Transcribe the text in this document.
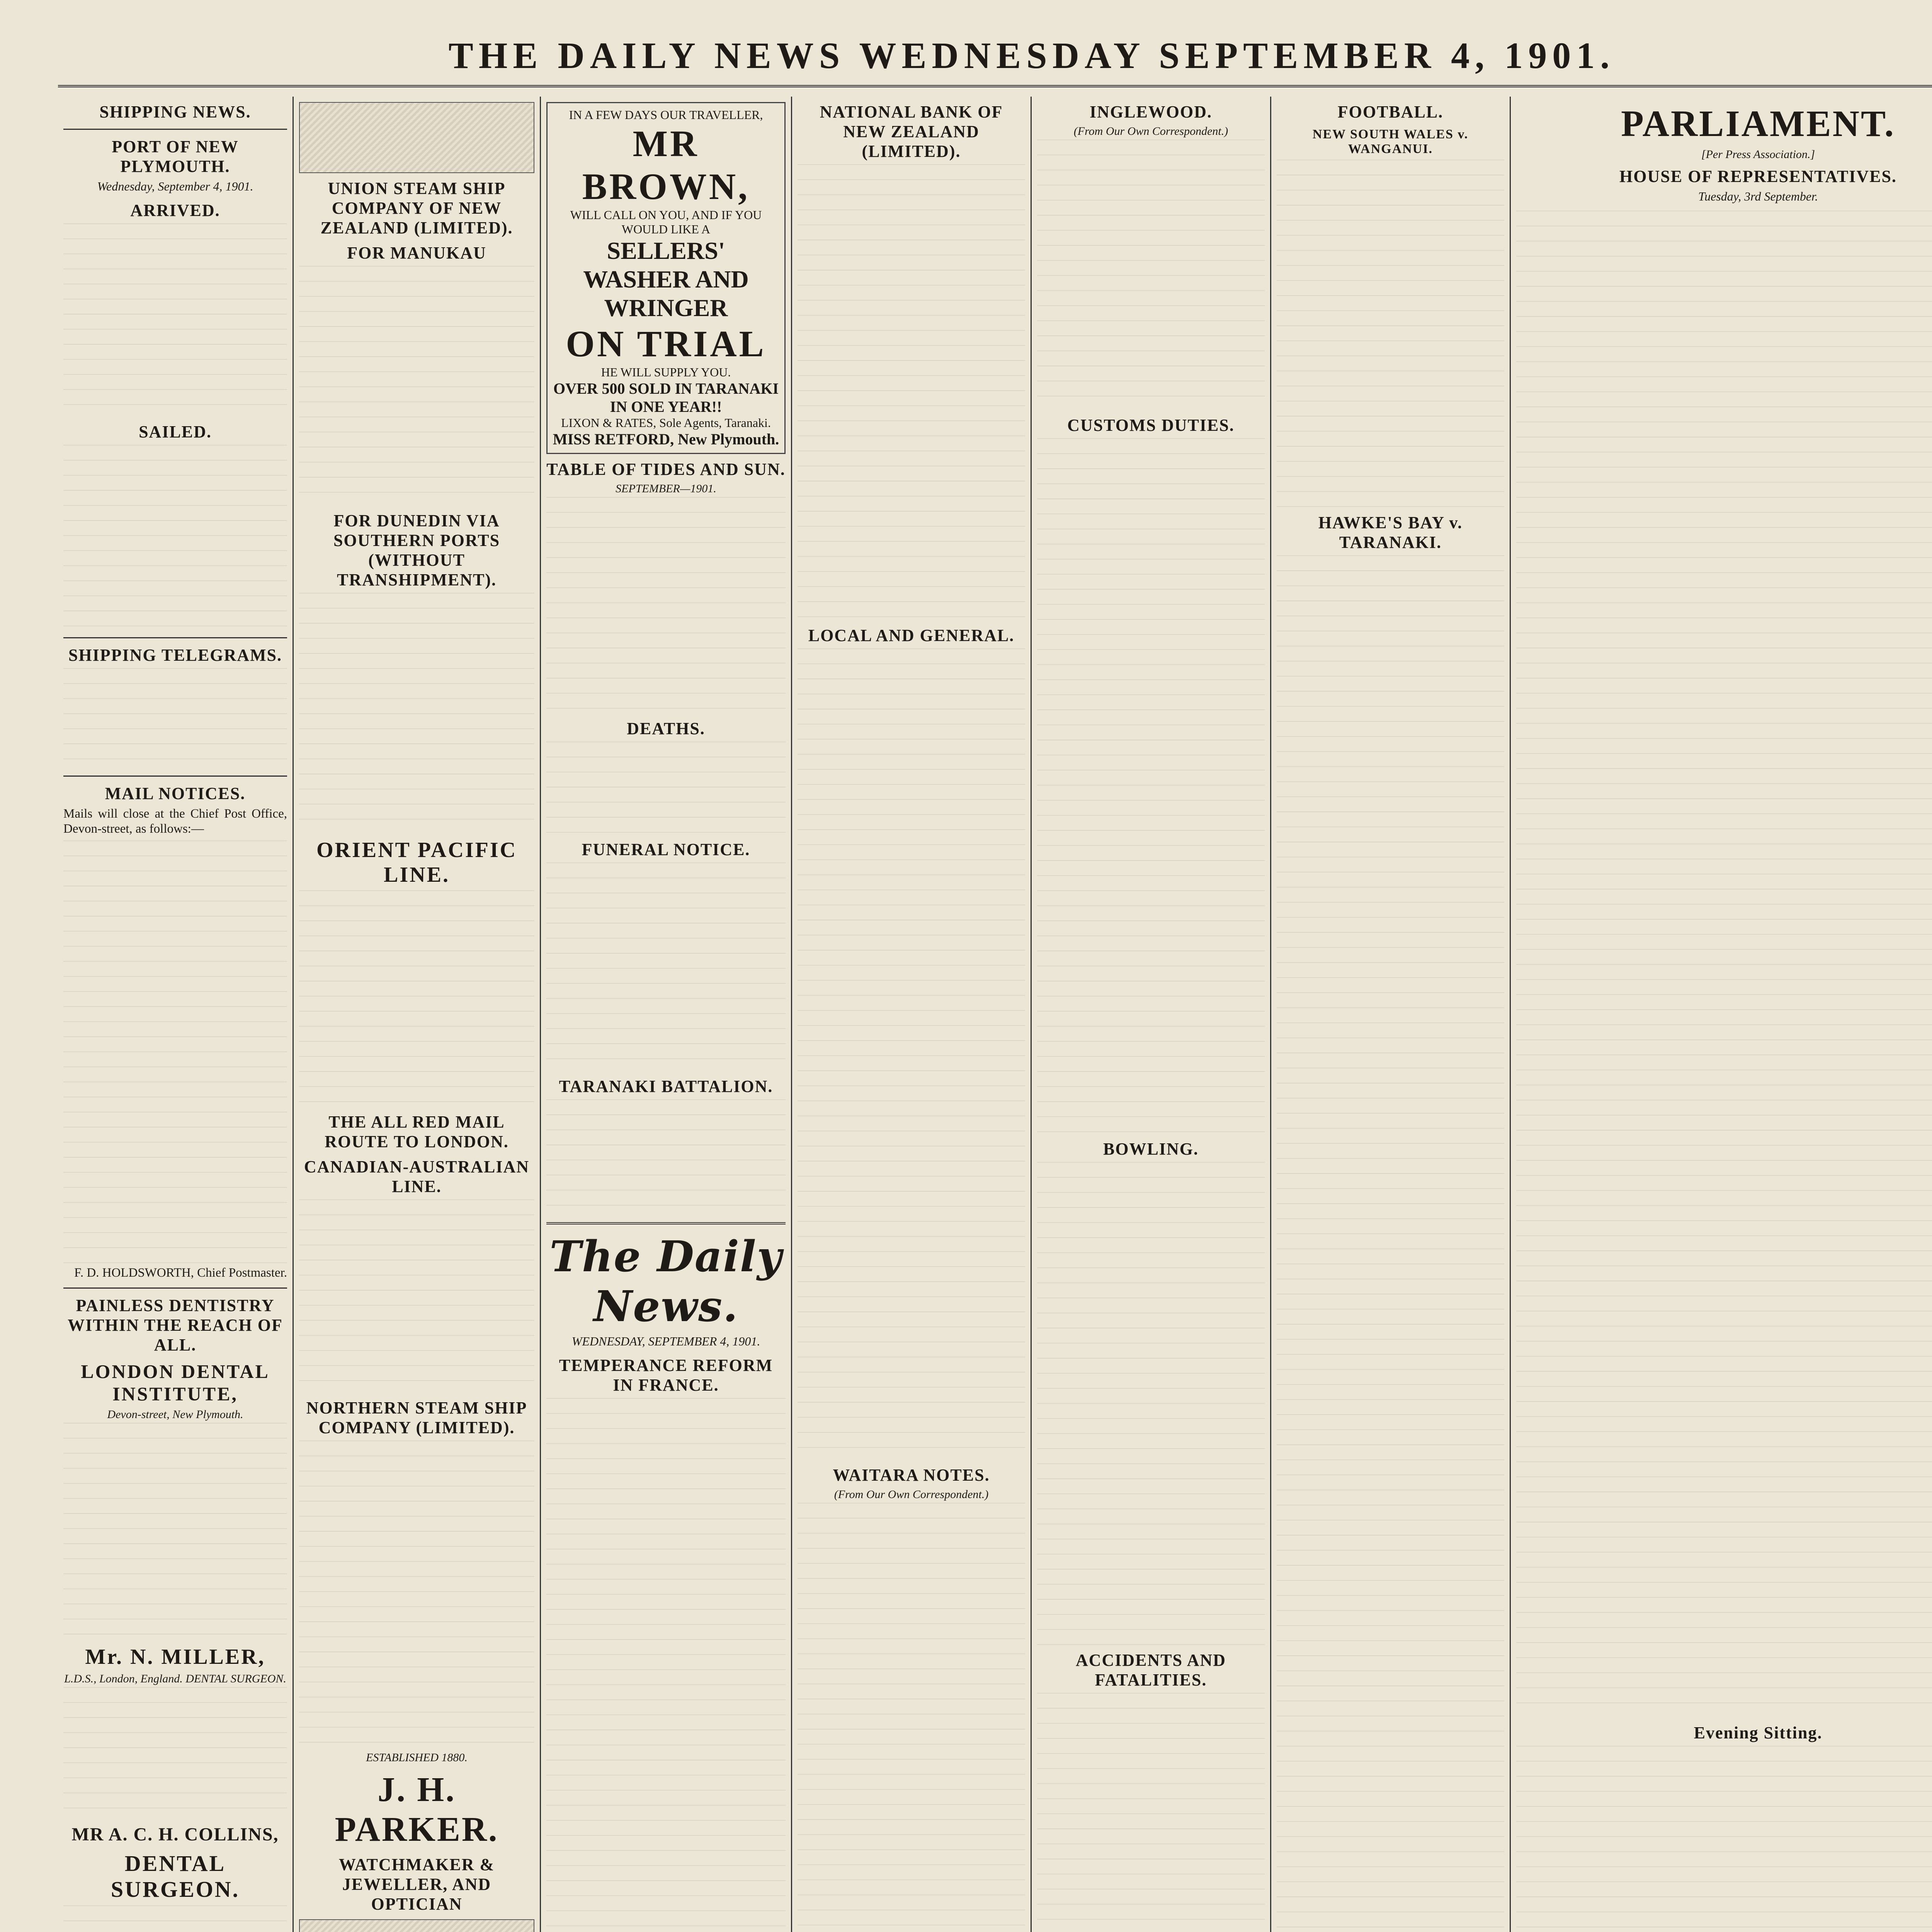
THE DAILY NEWS WEDNESDAY SEPTEMBER 4, 1901.
SHIPPING NEWS.
PORT OF NEW PLYMOUTH.
Wednesday, September 4, 1901.
ARRIVED.
SAILED.
SHIPPING TELEGRAMS.
MAIL NOTICES.

Mails will close at the Chief Post Office, Devon-street, as follows:—

F. D. HOLDSWORTH, Chief Postmaster.

PAINLESS DENTISTRY WITHIN THE REACH OF ALL.
LONDON DENTAL INSTITUTE,
Devon-street, New Plymouth.
Mr. N. MILLER,
L.D.S., London, England. DENTAL SURGEON.
MR A. C. H. COLLINS,
DENTAL SURGEON.
UNION STEAM SHIP COMPANY OF NEW ZEALAND (LIMITED).
FOR MANUKAU
FOR DUNEDIN VIA SOUTHERN PORTS (WITHOUT TRANSHIPMENT).
ORIENT PACIFIC LINE.
THE ALL RED MAIL ROUTE TO LONDON.
CANADIAN-AUSTRALIAN LINE.
NORTHERN STEAM SHIP COMPANY (LIMITED).
ESTABLISHED 1880.
J. H. PARKER.
WATCHMAKER & JEWELLER, AND OPTICIAN
IN A FEW DAYS OUR TRAVELLER,
MR BROWN,
WILL CALL ON YOU, AND IF YOU WOULD LIKE A
SELLERS' WASHER AND WRINGER
ON TRIAL
HE WILL SUPPLY YOU.
OVER 500 SOLD IN TARANAKI IN ONE YEAR!!
LIXON & RATES, Sole Agents, Taranaki.
MISS RETFORD, New Plymouth.
TABLE OF TIDES AND SUN.
SEPTEMBER—1901.
DEATHS.
FUNERAL NOTICE.
TARANAKI BATTALION.
The Daily News.
WEDNESDAY, SEPTEMBER 4, 1901.
TEMPERANCE REFORM IN FRANCE.
NATIONAL BANK OF NEW ZEALAND (LIMITED).
LOCAL AND GENERAL.
WAITARA NOTES.
(From Our Own Correspondent.)
INGLEWOOD.
(From Our Own Correspondent.)
CUSTOMS DUTIES.
BOWLING.
ACCIDENTS AND FATALITIES.
FOOTBALL.
NEW SOUTH WALES v. WANGANUI.
HAWKE'S BAY v. TARANAKI.
PARLIAMENT.
[Per Press Association.]
HOUSE OF REPRESENTATIVES.
Tuesday, 3rd September.
Evening Sitting.
